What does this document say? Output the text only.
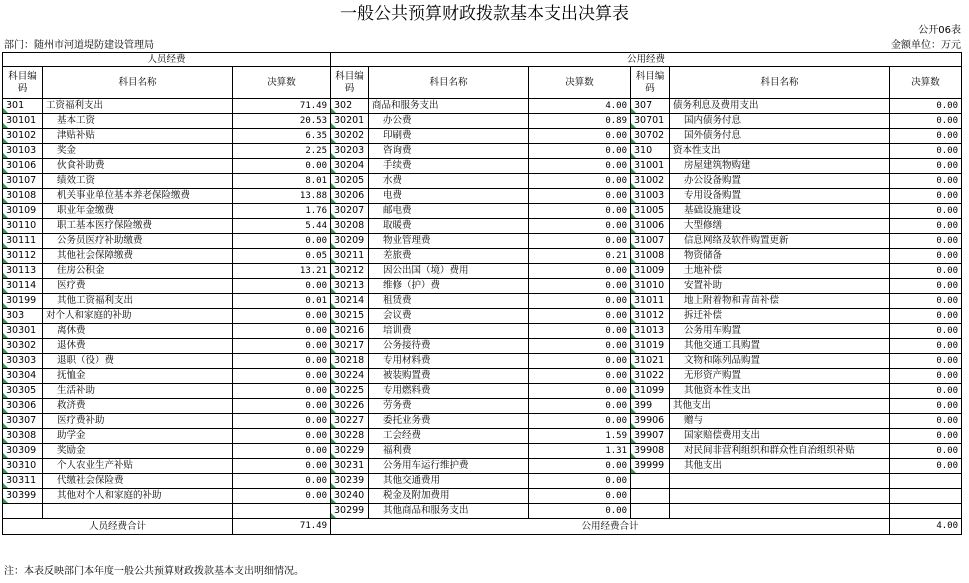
一般公共预算财政拨款基本支出决算表
公开06表
部门：随州市河道堤防建设管理局	金额单位：万元
人员经费			公用经费					
科目编码	科目名称	决算数	科目编码	科目名称	决算数	科目编码	科目名称	决算数
301	工资福利支出	71.49	302	商品和服务支出	4.00	307	债务利息及费用支出	0.00
30101	基本工资	20.53	30201	办公费	0.89	30701	国内债务付息	0.00
30102	津贴补贴	6.35	30202	印刷费	0.00	30702	国外债务付息	0.00
30103	奖金	2.25	30203	咨询费	0.00	310	资本性支出	0.00
30106	伙食补助费	0.00	30204	手续费	0.00	31001	房屋建筑物购建	0.00
30107	绩效工资	8.01	30205	水费	0.00	31002	办公设备购置	0.00
30108	机关事业单位基本养老保险缴费	13.88	30206	电费	0.00	31003	专用设备购置	0.00
30109	职业年金缴费	1.76	30207	邮电费	0.00	31005	基础设施建设	0.00
30110	职工基本医疗保险缴费	5.44	30208	取暖费	0.00	31006	大型修缮	0.00
30111	公务员医疗补助缴费	0.00	30209	物业管理费	0.00	31007	信息网络及软件购置更新	0.00
30112	其他社会保障缴费	0.05	30211	差旅费	0.21	31008	物资储备	0.00
30113	住房公积金	13.21	30212	因公出国（境）费用	0.00	31009	土地补偿	0.00
30114	医疗费	0.00	30213	维修（护）费	0.00	31010	安置补助	0.00
30199	其他工资福利支出	0.01	30214	租赁费	0.00	31011	地上附着物和青苗补偿	0.00
303	对个人和家庭的补助	0.00	30215	会议费	0.00	31012	拆迁补偿	0.00
30301	离休费	0.00	30216	培训费	0.00	31013	公务用车购置	0.00
30302	退休费	0.00	30217	公务接待费	0.00	31019	其他交通工具购置	0.00
30303	退职（役）费	0.00	30218	专用材料费	0.00	31021	文物和陈列品购置	0.00
30304	抚恤金	0.00	30224	被装购置费	0.00	31022	无形资产购置	0.00
30305	生活补助	0.00	30225	专用燃料费	0.00	31099	其他资本性支出	0.00
30306	救济费	0.00	30226	劳务费	0.00	399	其他支出	0.00
30307	医疗费补助	0.00	30227	委托业务费	0.00	39906	赠与	0.00
30308	助学金	0.00	30228	工会经费	1.59	39907	国家赔偿费用支出	0.00
30309	奖励金	0.00	30229	福利费	1.31	39908	对民间非营利组织和群众性自治组织补贴	0.00
30310	个人农业生产补贴	0.00	30231	公务用车运行维护费	0.00	39999	其他支出	0.00
30311	代缴社会保险费	0.00	30239	其他交通费用	0.00			
30399	其他对个人和家庭的补助	0.00	30240	税金及附加费用	0.00			
			30299	其他商品和服务支出	0.00			
人员经费合计		71.49	公用经费合计					4.00
注：本表反映部门本年度一般公共预算财政拨款基本支出明细情况。
